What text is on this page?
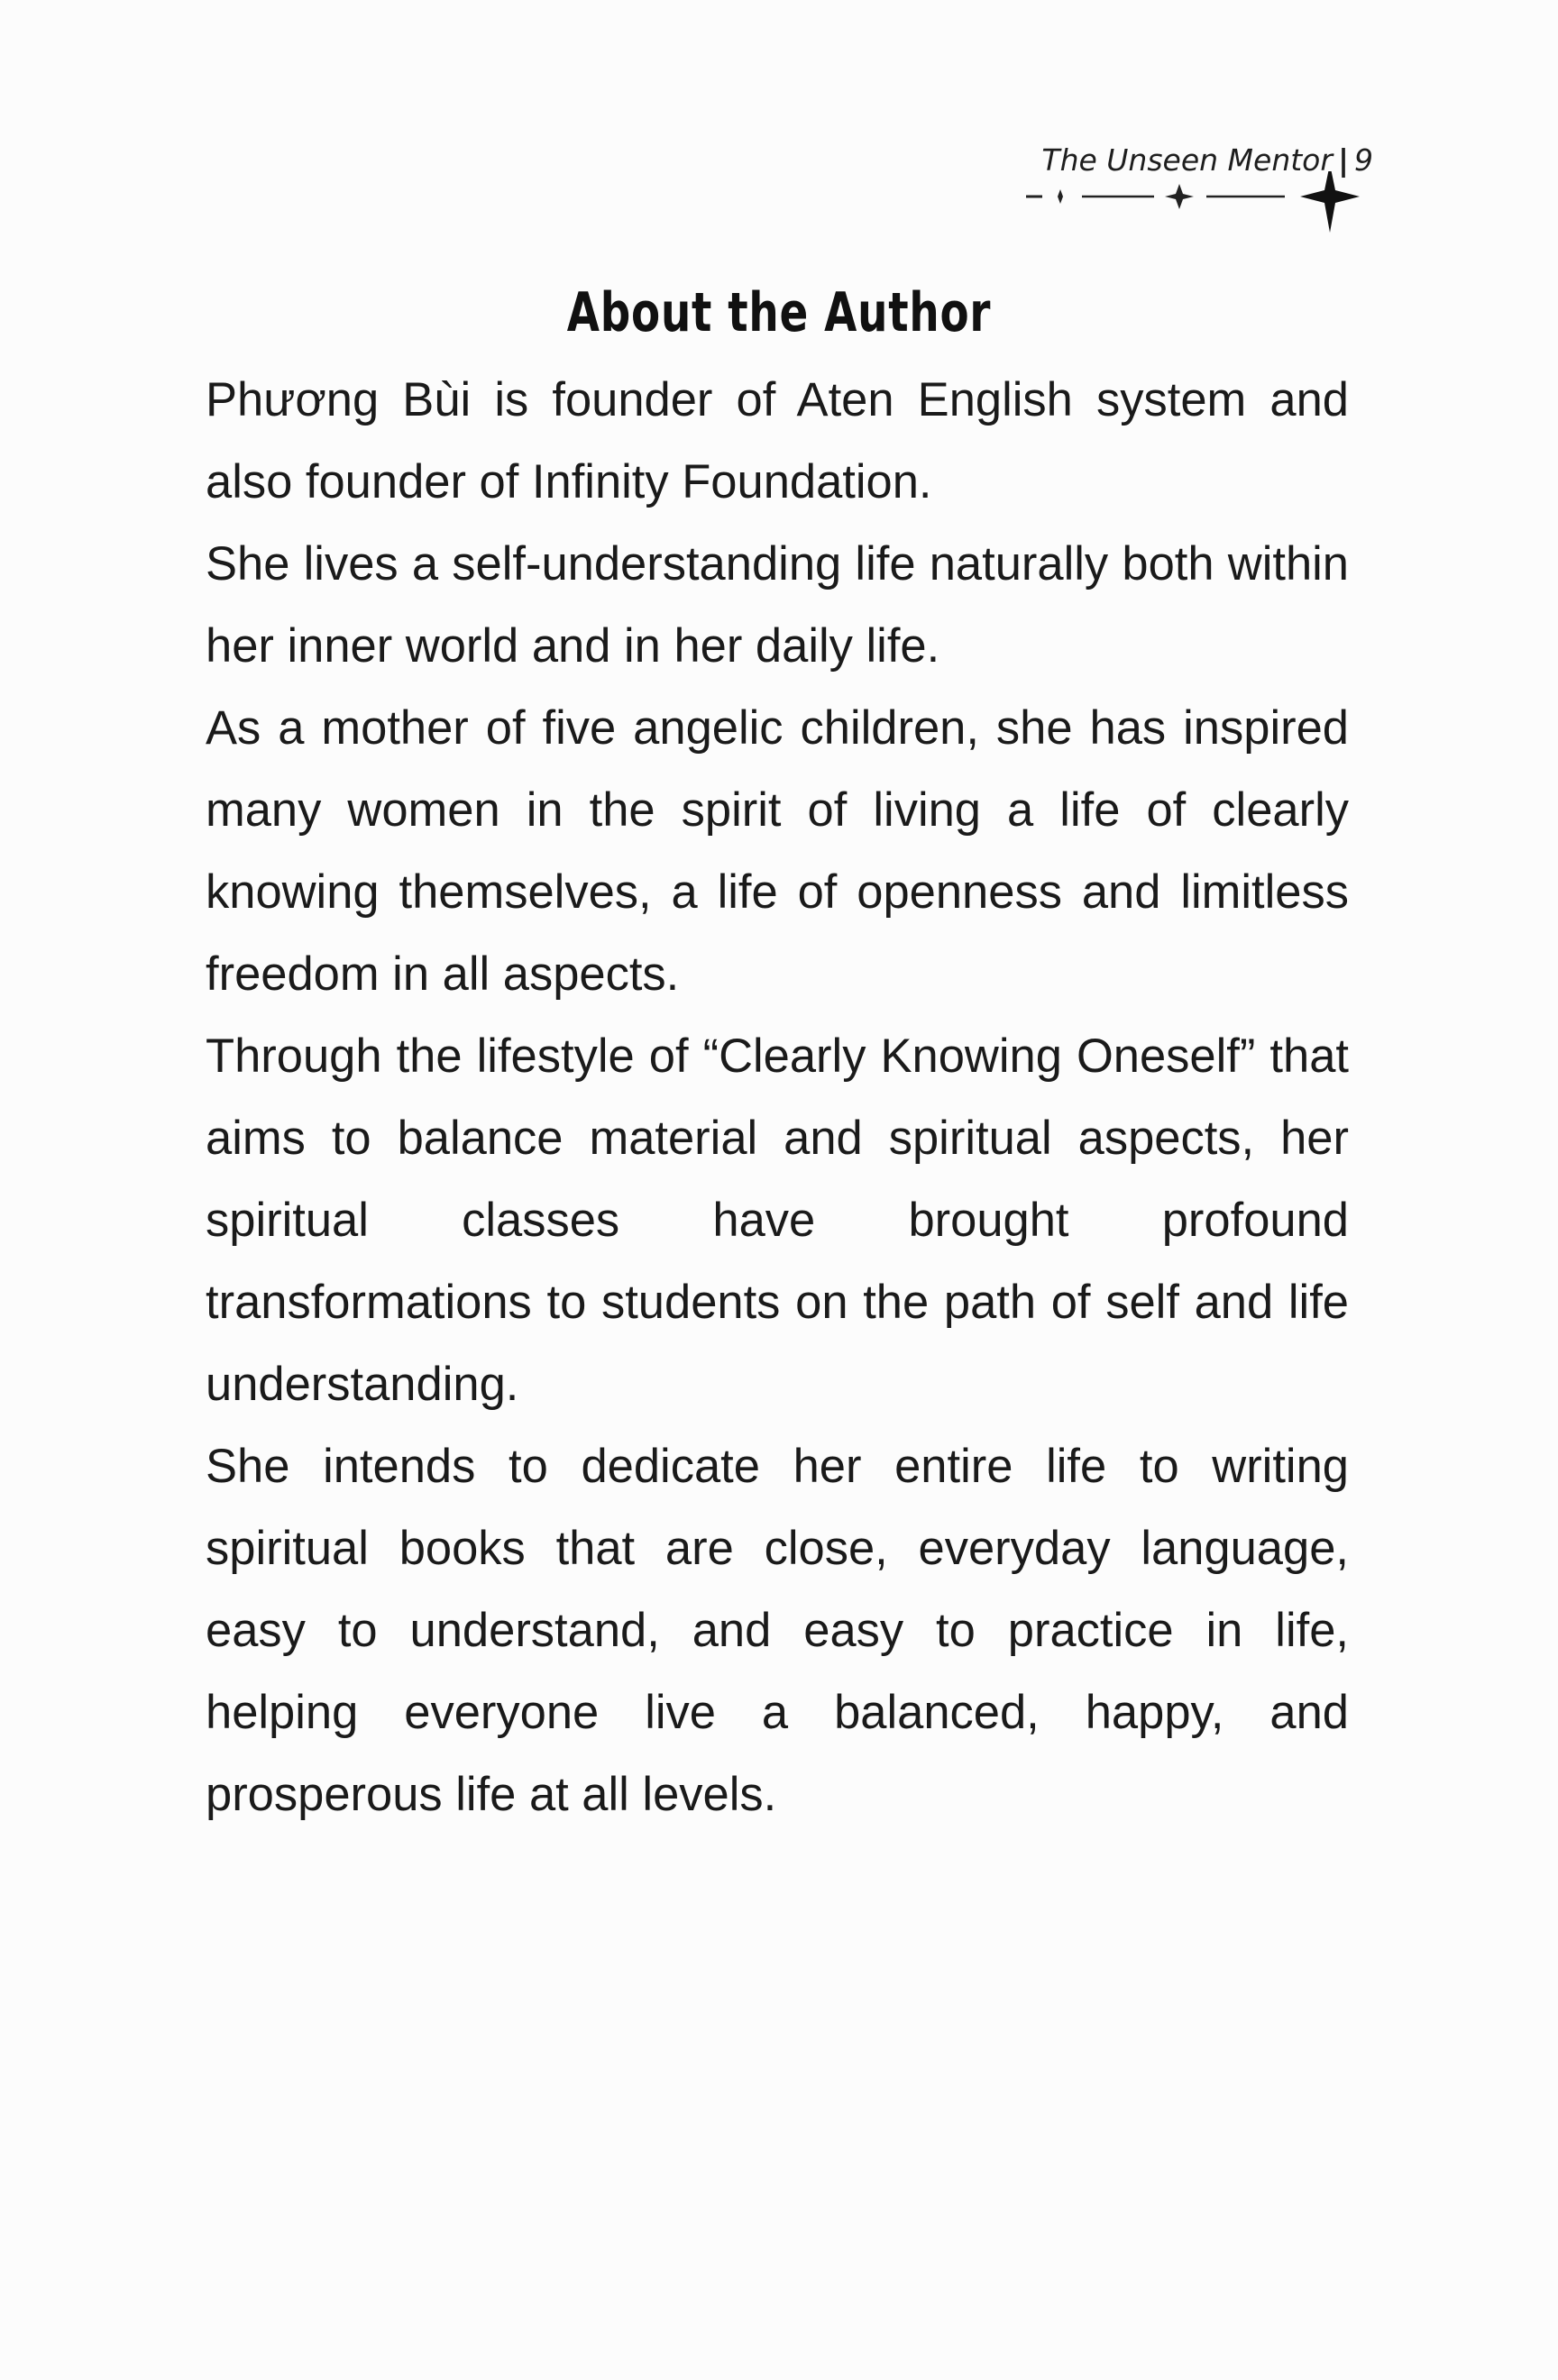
The Unseen Mentor | 9
About the Author

Phương Bùi is founder of Aten English system and also founder of Infinity Foundation.

She lives a self-understanding life naturally both within her inner world and in her daily life.

As a mother of five angelic children, she has inspired many women in the spirit of living a life of clearly knowing themselves, a life of openness and limitless freedom in all aspects.

Through the lifestyle of “Clearly Knowing Oneself” that aims to balance material and spiritual aspects, her spiritual classes have brought profound transformations to students on the path of self and life understanding.

She intends to dedicate her entire life to writing spiritual books that are close, everyday language, easy to understand, and easy to practice in life, helping everyone live a balanced, happy, and prosperous life at all levels.
